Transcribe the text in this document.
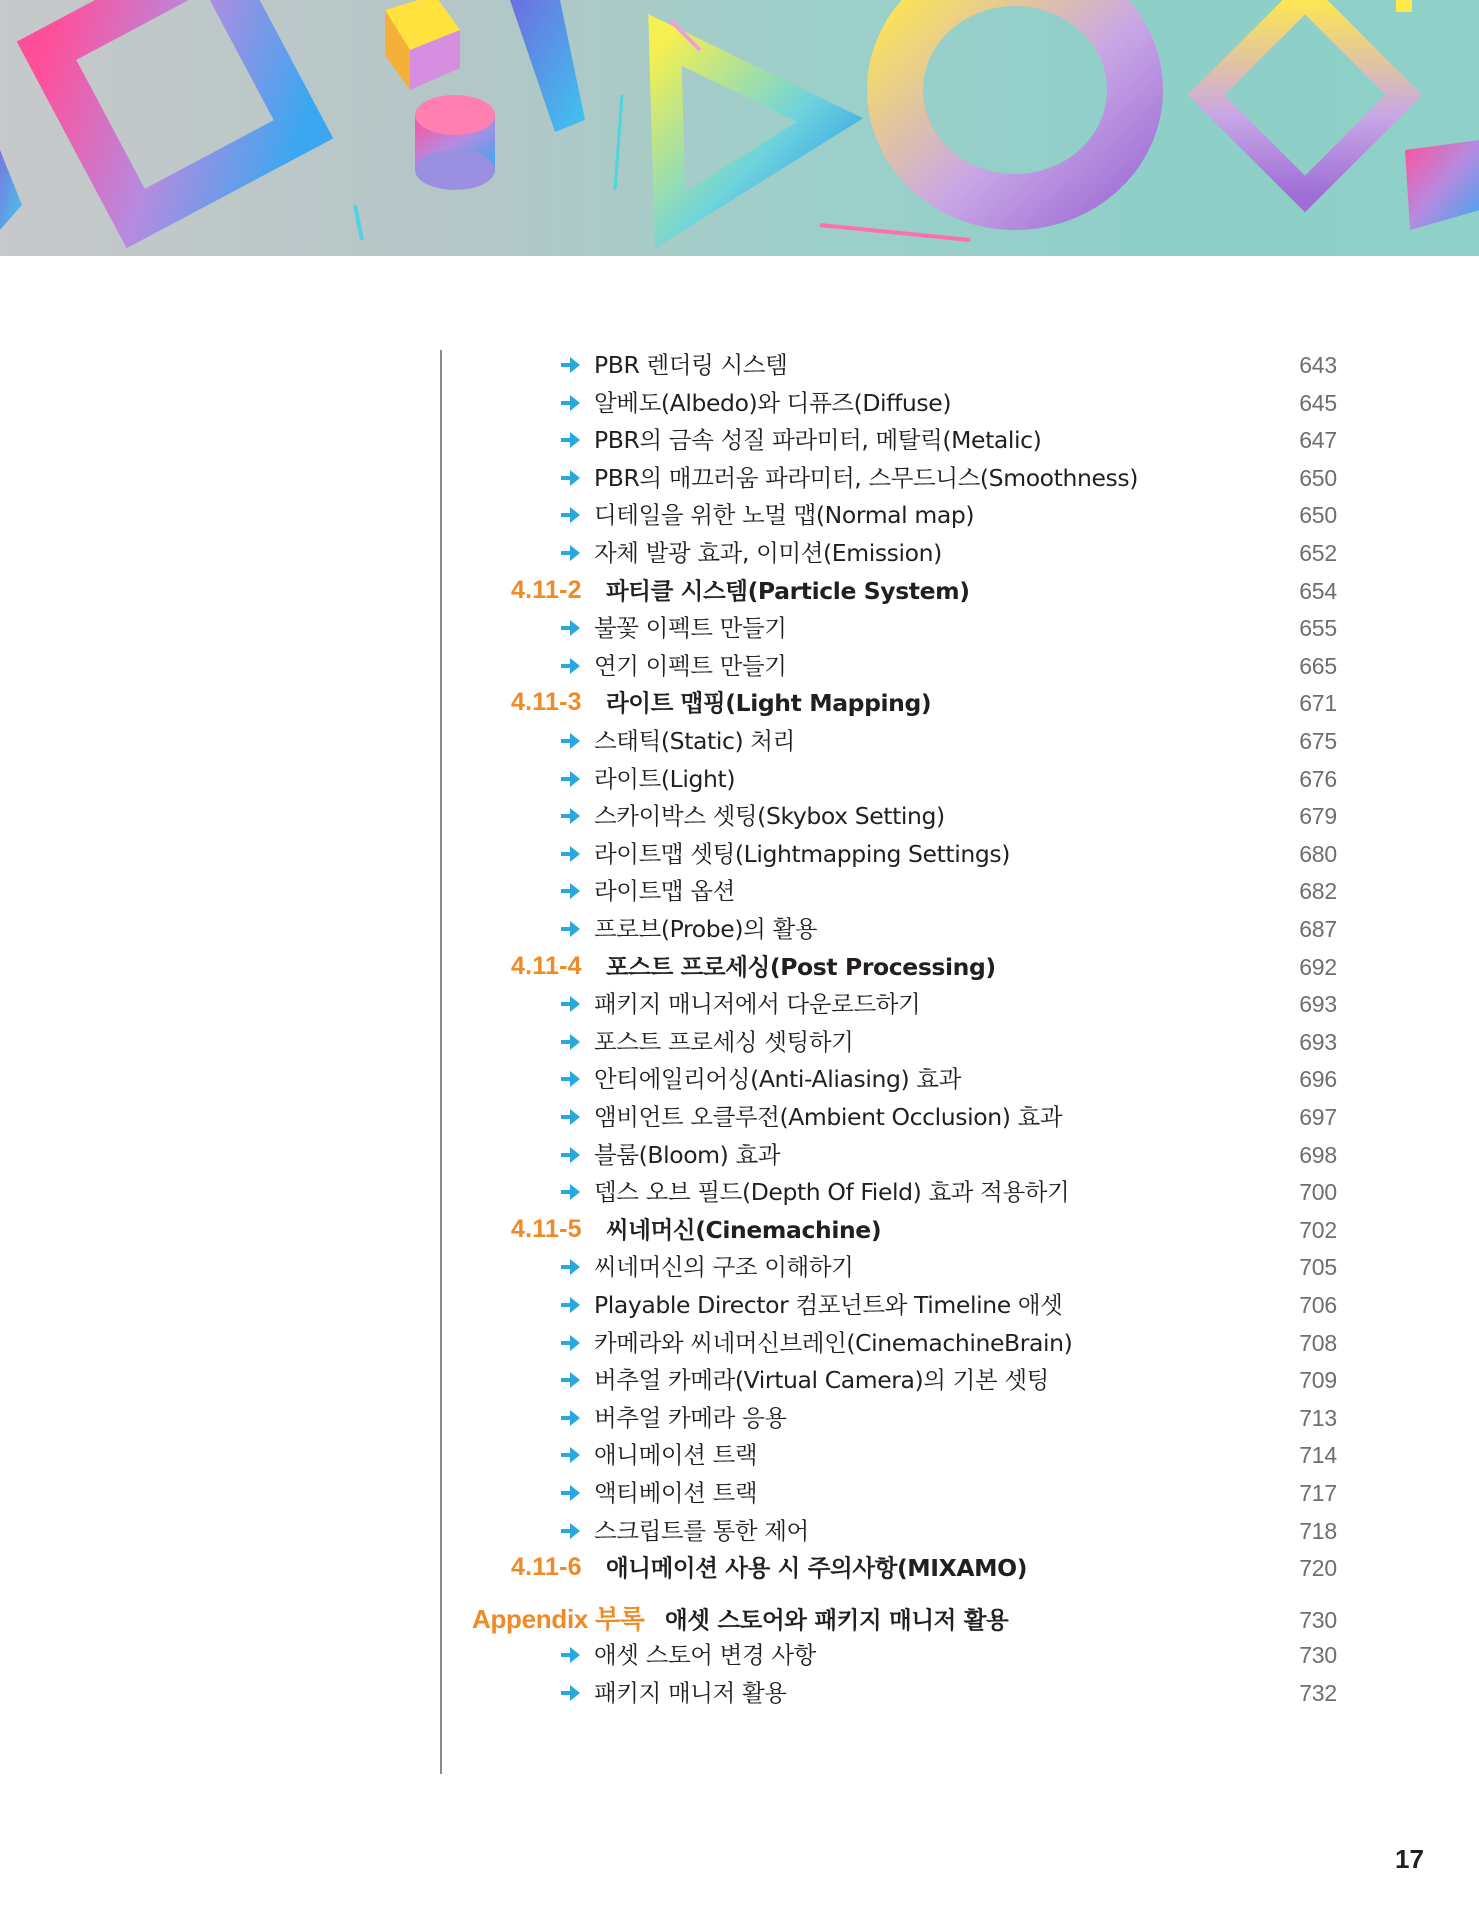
PBR 렌더링 시스템	643
알베도(Albedo)와 디퓨즈(Diffuse)	645
PBR의 금속 성질 파라미터, 메탈릭(Metalic)	647
PBR의 매끄러움 파라미터, 스무드니스(Smoothness)	650
디테일을 위한 노멀 맵(Normal map)	650
자체 발광 효과, 이미션(Emission)	652
4.11-2 파티클 시스템(Particle System)	654
불꽃 이펙트 만들기	655
연기 이펙트 만들기	665
4.11-3 라이트 맵핑(Light Mapping)	671
스태틱(Static) 처리	675
라이트(Light)	676
스카이박스 셋팅(Skybox Setting)	679
라이트맵 셋팅(Lightmapping Settings)	680
라이트맵 옵션	682
프로브(Probe)의 활용	687
4.11-4 포스트 프로세싱(Post Processing)	692
패키지 매니저에서 다운로드하기	693
포스트 프로세싱 셋팅하기	693
안티에일리어싱(Anti-Aliasing) 효과	696
앰비언트 오클루전(Ambient Occlusion) 효과	697
블룸(Bloom) 효과	698
뎁스 오브 필드(Depth Of Field) 효과 적용하기	700
4.11-5 씨네머신(Cinemachine)	702
씨네머신의 구조 이해하기	705
Playable Director 컴포넌트와 Timeline 애셋	706
카메라와 씨네머신브레인(CinemachineBrain)	708
버추얼 카메라(Virtual Camera)의 기본 셋팅	709
버추얼 카메라 응용	713
애니메이션 트랙	714
액티베이션 트랙	717
스크립트를 통한 제어	718
4.11-6 애니메이션 사용 시 주의사항(MIXAMO)	720
Appendix 부록 애셋 스토어와 패키지 매니저 활용	730
애셋 스토어 변경 사항	730
패키지 매니저 활용	732
17
